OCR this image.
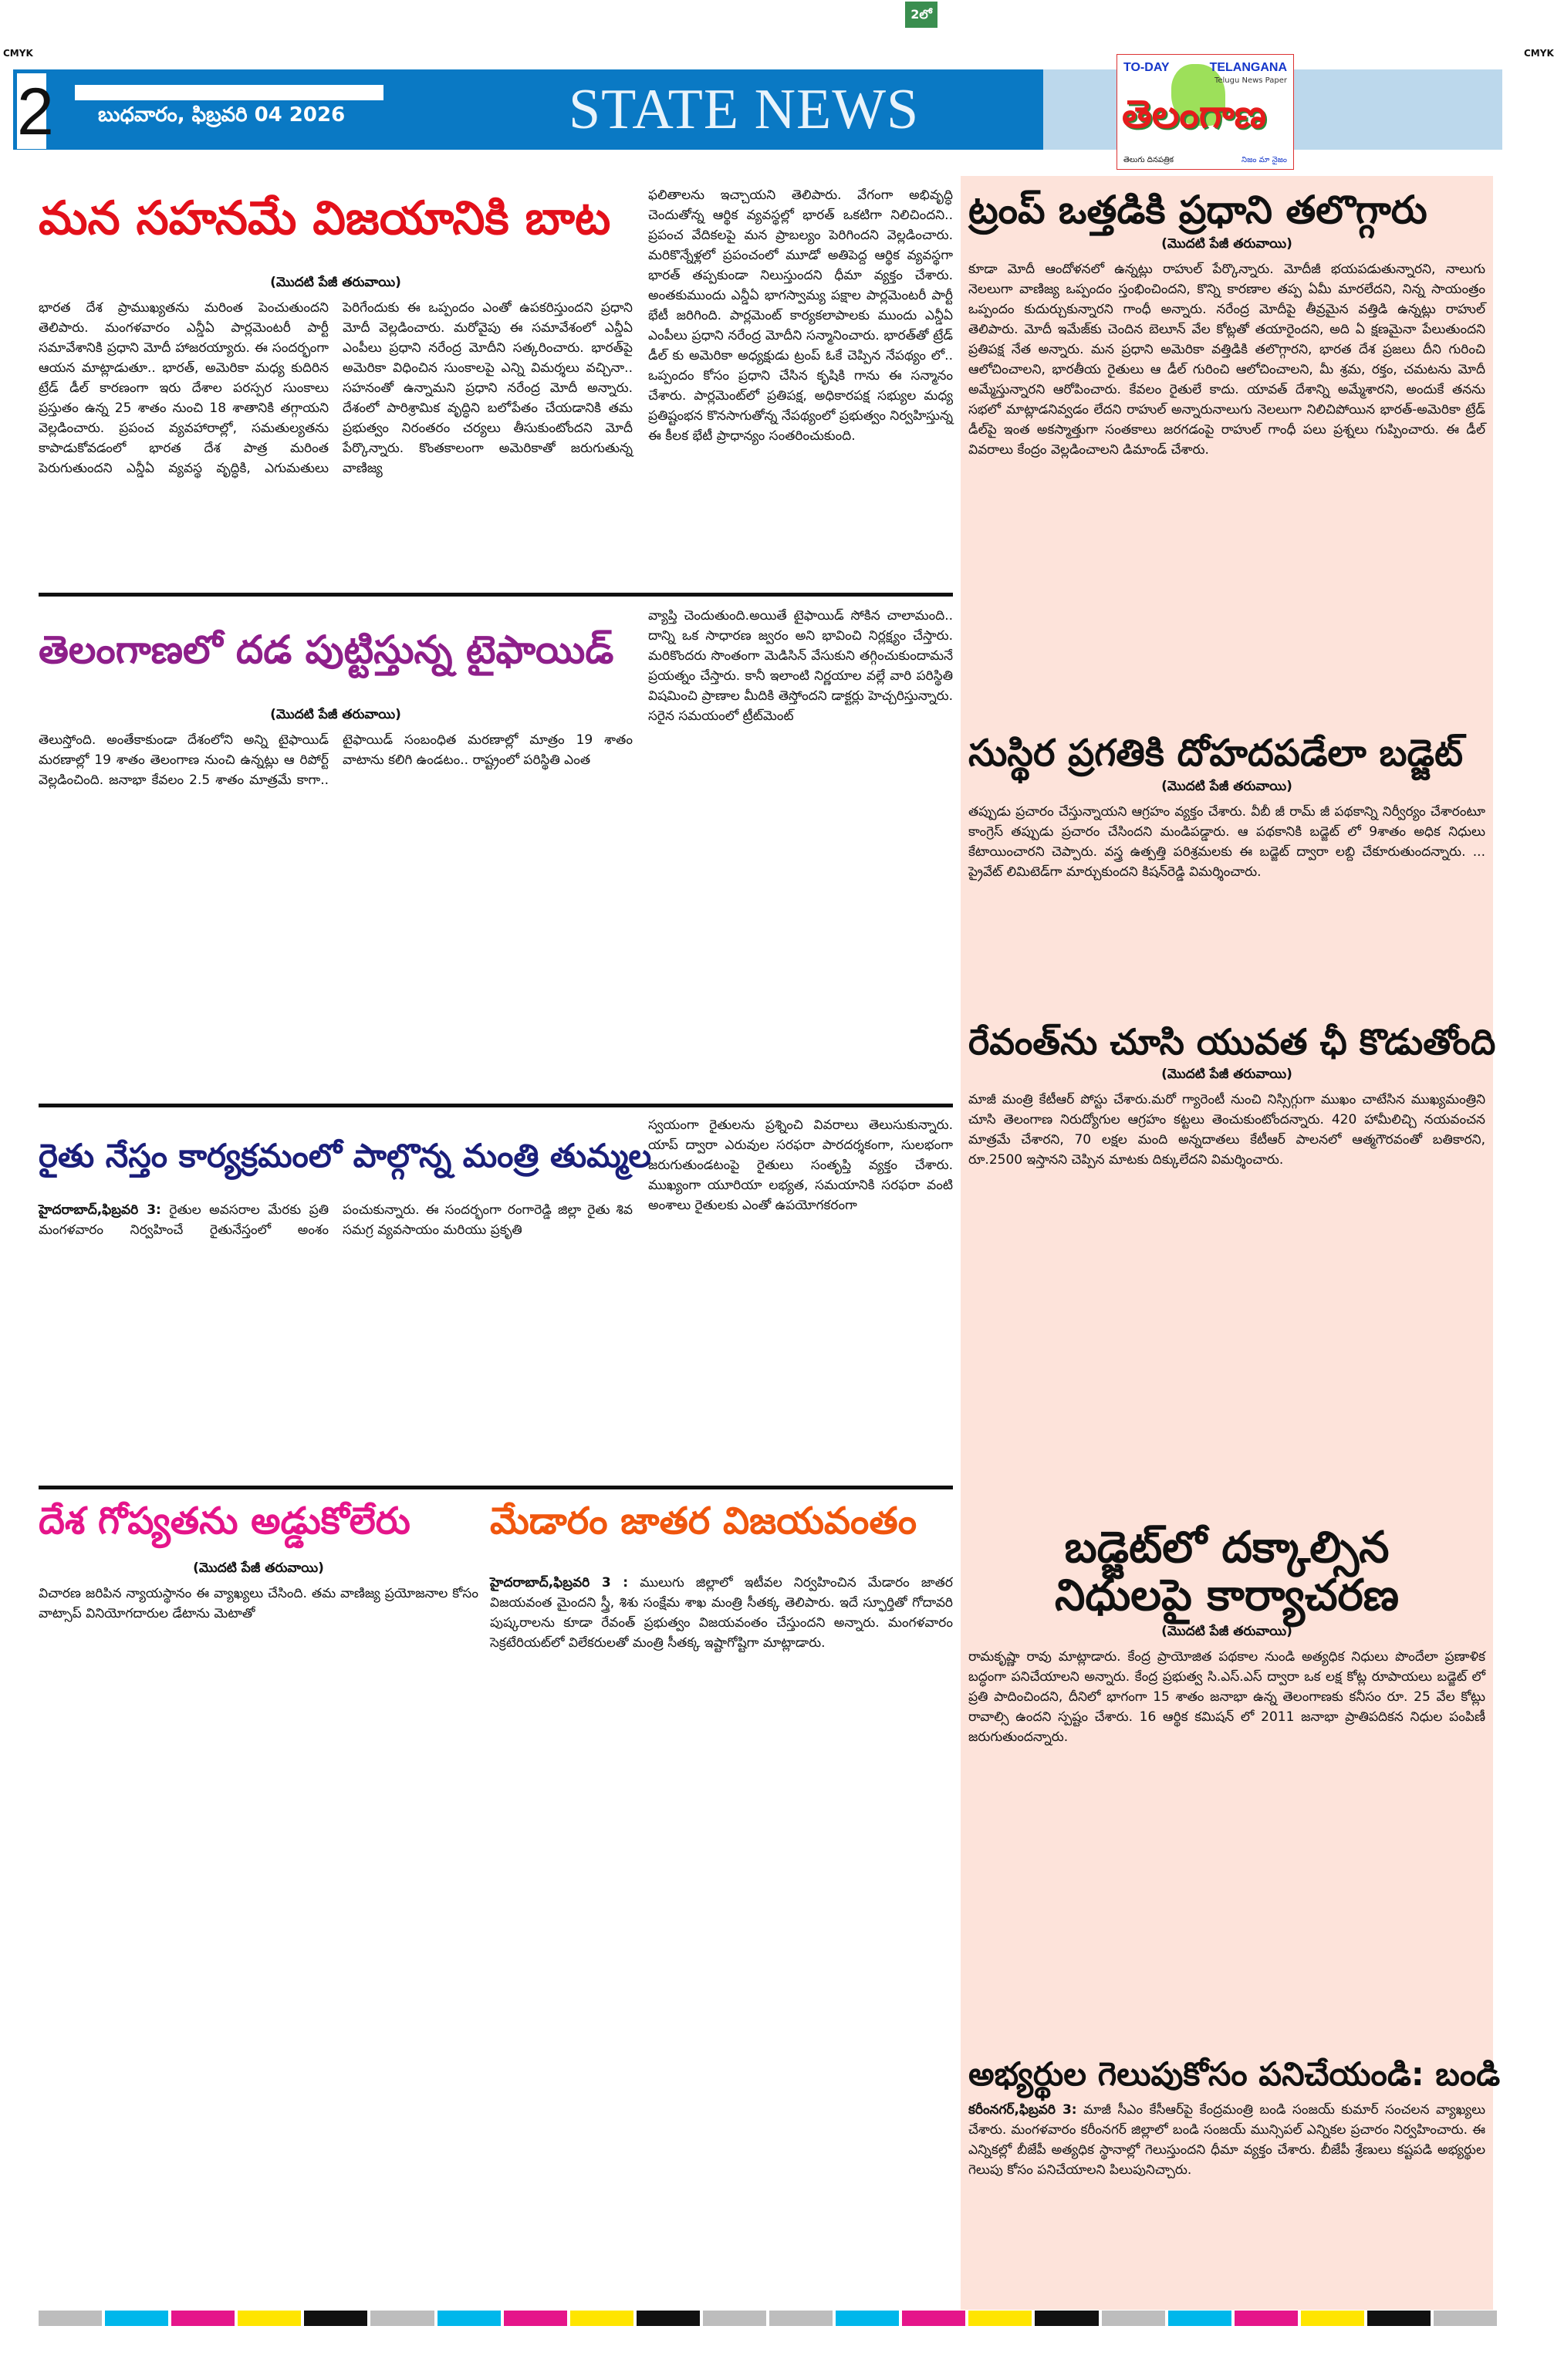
2లో
CMYK	CMYK
2 బుధవారం, ఫిబ్రవరి 04 2026	STATE NEWS
TO-DAY	TELANGANA
Telugu News Paper
తెలంగాణ
తెలుగు దినపత్రిక	నిజం మా నైజం
మన సహనమే విజయానికి బాట
(మొదటి పేజీ తరువాయి)
భారత దేశ ప్రాముఖ్యతను మరింత పెంచుతుందని తెలిపారు. మంగళవారం ఎన్డీఏ పార్లమెంటరీ పార్టీ సమావేశానికి ప్రధాని మోదీ హాజరయ్యారు. ఈ సందర్భంగా ఆయన మాట్లాడుతూ.. భారత్, అమెరికా మధ్య కుదిరిన ట్రేడ్ డీల్ కారణంగా ఇరు దేశాల పరస్పర సుంకాలు ప్రస్తుతం ఉన్న 25 శాతం నుంచి 18 శాతానికి తగ్గాయని వెల్లడించారు. ప్రపంచ వ్యవహారాల్లో, సమతుల్యతను కాపాడుకోవడంలో భారత దేశ పాత్ర మరింత పెరుగుతుందని ఎన్డీఏ వ్యవస్థ వృద్ధికి, ఎగుమతులు పెరిగేందుకు ఈ ఒప్పందం ఎంతో ఉపకరిస్తుందని ప్రధాని మోదీ వెల్లడించారు. మరోవైపు ఈ సమావేశంలో ఎన్డీఏ ఎంపీలు ప్రధాని నరేంద్ర మోదీని సత్కరించారు. భారత్‌పై అమెరికా విధించిన సుంకాలపై ఎన్ని విమర్శలు వచ్చినా.. సహనంతో ఉన్నామని ప్రధాని నరేంద్ర మోదీ అన్నారు. దేశంలో పారిశ్రామిక వృద్ధిని బలోపేతం చేయడానికి తమ ప్రభుత్వం నిరంతరం చర్యలు తీసుకుంటోందని మోదీ పేర్కొన్నారు. కొంతకాలంగా అమెరికాతో జరుగుతున్న వాణిజ్య
ఫలితాలను ఇచ్చాయని తెలిపారు. వేగంగా అభివృద్ధి చెందుతోన్న ఆర్థిక వ్యవస్థల్లో భారత్ ఒకటిగా నిలిచిందని.. ప్రపంచ వేదికలపై మన ప్రాబల్యం పెరిగిందని వెల్లడించారు. మరికొన్నేళ్లలో ప్రపంచంలో మూడో అతిపెద్ద ఆర్థిక వ్యవస్థగా భారత్ తప్పకుండా నిలుస్తుందని ధీమా వ్యక్తం చేశారు. అంతకుముందు ఎన్డీఏ భాగస్వామ్య పక్షాల పార్లమెంటరీ పార్టీ భేటీ జరిగింది. పార్లమెంట్ కార్యకలాపాలకు ముందు ఎన్డీఏ ఎంపీలు ప్రధాని నరేంద్ర మోదీని సన్మానించారు. భారత్‌తో ట్రేడ్ డీల్ కు అమెరికా అధ్యక్షుడు ట్రంప్ ఓకే చెప్పిన నేపథ్యం లో.. ఒప్పందం కోసం ప్రధాని చేసిన కృషికి గాను ఈ సన్మానం చేశారు. పార్లమెంట్‌లో ప్రతిపక్ష, అధికారపక్ష సభ్యుల మధ్య ప్రతిష్టంభన కొనసాగుతోన్న నేపథ్యంలో ప్రభుత్వం నిర్వహిస్తున్న ఈ కీలక భేటీ ప్రాధాన్యం సంతరించుకుంది.
తెలంగాణలో దడ పుట్టిస్తున్న టైఫాయిడ్
(మొదటి పేజీ తరువాయి)
తెలుస్తోంది. అంతేకాకుండా దేశంలోని అన్ని టైఫాయిడ్ మరణాల్లో 19 శాతం తెలంగాణ నుంచి ఉన్నట్లు ఆ రిపోర్ట్ వెల్లడించింది. జనాభా కేవలం 2.5 శాతం మాత్రమే కాగా.. టైఫాయిడ్ సంబంధిత మరణాల్లో మాత్రం 19 శాతం వాటాను కలిగి ఉండటం.. రాష్ట్రంలో పరిస్థితి ఎంత
వ్యాప్తి చెందుతుంది.అయితే టైఫాయిడ్ సోకిన చాలామంది.. దాన్ని ఒక సాధారణ జ్వరం అని భావించి నిర్లక్ష్యం చేస్తారు. మరికొందరు సొంతంగా మెడిసిన్ వేసుకుని తగ్గించుకుందామనే ప్రయత్నం చేస్తారు. కానీ ఇలాంటి నిర్ణయాల వల్లే వారి పరిస్థితి విషమించి ప్రాణాల మీదికి తెస్తోందని డాక్టర్లు హెచ్చరిస్తున్నారు. సరైన సమయంలో ట్రీట్‌మెంట్
రైతు నేస్తం కార్యక్రమంలో పాల్గొన్న మంత్రి తుమ్మల
హైదరాబాద్,ఫిబ్రవరి 3: రైతుల అవసరాల మేరకు ప్రతి మంగళవారం నిర్వహించే రైతునేస్తంలో అంశం పంచుకున్నారు. ఈ సందర్భంగా రంగారెడ్డి జిల్లా రైతు శివ సమగ్ర వ్యవసాయం మరియు ప్రకృతి
స్వయంగా రైతులను ప్రశ్నించి వివరాలు తెలుసుకున్నారు. యాప్ ద్వారా ఎరువుల సరఫరా పారదర్శకంగా, సులభంగా జరుగుతుండటంపై రైతులు సంతృప్తి వ్యక్తం చేశారు. ముఖ్యంగా యూరియా లభ్యత, సమయానికి సరఫరా వంటి అంశాలు రైతులకు ఎంతో ఉపయోగకరంగా
దేశ గోప్యతను అడ్డుకోలేరు
(మొదటి పేజీ తరువాయి)
విచారణ జరిపిన న్యాయస్థానం ఈ వ్యాఖ్యలు చేసింది. తమ వాణిజ్య ప్రయోజనాల కోసం వాట్సాప్ వినియోగదారుల డేటాను మెటాతో
మేడారం జాతర విజయవంతం
హైదరాబాద్,ఫిబ్రవరి 3 : ములుగు జిల్లాలో ఇటీవల నిర్వహించిన మేడారం జాతర విజయవంత మైందని స్త్రీ, శిశు సంక్షేమ శాఖ మంత్రి సీతక్క తెలిపారు. ఇదే స్ఫూర్తితో గోదావరి పుష్కరాలను కూడా రేవంత్ ప్రభుత్వం విజయవంతం చేస్తుందని అన్నారు. మంగళవారం సెక్రటేరియట్‌లో విలేకరులతో మంత్రి సీతక్క ఇష్టాగోష్టిగా మాట్లాడారు.
ట్రంప్ ఒత్తడికి ప్రధాని తలొగ్గారు
(మొదటి పేజీ తరువాయి)
కూడా మోదీ ఆందోళనలో ఉన్నట్లు రాహుల్ పేర్కొన్నారు. మోదీజీ భయపడుతున్నారని, నాలుగు నెలలుగా వాణిజ్య ఒప్పందం స్తంభించిందని, కొన్ని కారణాల తప్ప ఏమీ మారలేదని, నిన్న సాయంత్రం ఒప్పందం కుదుర్చుకున్నారని గాంధీ అన్నారు. నరేంద్ర మోదీపై తీవ్రమైన వత్తిడి ఉన్నట్లు రాహుల్ తెలిపారు. మోదీ ఇమేజ్‌కు చెందిన బెలూన్ వేల కోట్లతో తయారైందని, అది ఏ క్షణమైనా పేలుతుందని ప్రతిపక్ష నేత అన్నారు. మన ప్రధాని అమెరికా వత్తిడికి తలొగ్గారని, భారత దేశ ప్రజలు దీని గురించి ఆలోచించాలని, భారతీయ రైతులు ఆ డీల్ గురించి ఆలోచించాలని, మీ శ్రమ, రక్తం, చమటను మోదీ అమ్మేస్తున్నారని ఆరోపించారు. కేవలం రైతులే కాదు. యావత్ దేశాన్ని అమ్మేశారని, అందుకే తనను సభలో మాట్లాడనివ్వడం లేదని రాహుల్ అన్నారునాలుగు నెలలుగా నిలిచిపోయిన భారత్-అమెరికా ట్రేడ్ డీల్‌పై ఇంత అకస్మాత్తుగా సంతకాలు జరగడంపై రాహుల్ గాంధీ పలు ప్రశ్నలు గుప్పించారు. ఈ డీల్ వివరాలు కేంద్రం వెల్లడించాలని డిమాండ్ చేశారు.
సుస్థిర ప్రగతికి దోహదపడేలా బడ్జెట్
(మొదటి పేజీ తరువాయి)
తప్పుడు ప్రచారం చేస్తున్నాయని ఆగ్రహం వ్యక్తం చేశారు. వీబీ జీ రామ్ జీ పథకాన్ని నిర్వీర్యం చేశారంటూ కాంగ్రెస్ తప్పుడు ప్రచారం చేసిందని మండిపడ్డారు. ఆ పథకానికి బడ్జెట్ లో 9శాతం అధిక నిధులు కేటాయించారని చెప్పారు. వస్త్ర ఉత్పత్తి పరిశ్రమలకు ఈ బడ్జెట్ ద్వారా లబ్ది చేకూరుతుందన్నారు. ... ప్రైవేట్ లిమిటెడ్‌గా మార్చుకుందని కిషన్‌రెడ్డి విమర్శించారు.
రేవంత్‌ను చూసి యువత ఛీ కొడుతోంది
(మొదటి పేజీ తరువాయి)
మాజీ మంత్రి కేటీఆర్ పోస్టు చేశారు.మరో గ్యారెంటీ నుంచి నిస్సిగ్గుగా ముఖం చాటేసిన ముఖ్యమంత్రిని చూసి తెలంగాణ నిరుద్యోగుల ఆగ్రహం కట్టలు తెంచుకుంటోందన్నారు. 420 హామీలిచ్చి నయవంచన మాత్రమే చేశారని, 70 లక్షల మంది అన్నదాతలు కేటీఆర్ పాలనలో ఆత్మగౌరవంతో బతికారని, రూ.2500 ఇస్తానని చెప్పిన మాటకు దిక్కులేదని విమర్శించారు.
బడ్జెట్‌లో దక్కాల్సిన
నిధులపై కార్యాచరణ
(మొదటి పేజీ తరువాయి)
రామకృష్ణా రావు మాట్లాడారు. కేంద్ర ప్రాయోజిత పథకాల నుండి అత్యధిక నిధులు పొందేలా ప్రణాళిక బద్ధంగా పనిచేయాలని అన్నారు. కేంద్ర ప్రభుత్వ సి.ఎస్.ఎస్ ద్వారా ఒక లక్ష కోట్ల రూపాయలు బడ్జెట్ లో ప్రతి పాదించిందని, దీనిలో భాగంగా 15 శాతం జనాభా ఉన్న తెలంగాణకు కనీసం రూ. 25 వేల కోట్లు రావాల్సి ఉందని స్పష్టం చేశారు. 16 ఆర్థిక కమిషన్ లో 2011 జనాభా ప్రాతిపదికన నిధుల పంపిణీ జరుగుతుందన్నారు.
అభ్యర్థుల గెలుపుకోసం పనిచేయండి: బండి
కరీంనగర్,ఫిబ్రవరి 3: మాజీ సీఎం కేసీఆర్‌పై కేంద్రమంత్రి బండి సంజయ్ కుమార్ సంచలన వ్యాఖ్యలు చేశారు. మంగళవారం కరీంనగర్ జిల్లాలో బండి సంజయ్ మున్సిపల్ ఎన్నికల ప్రచారం నిర్వహించారు. ఈ ఎన్నికల్లో బీజేపీ అత్యధిక స్థానాల్లో గెలుస్తుందని ధీమా వ్యక్తం చేశారు. బీజేపీ శ్రేణులు కష్టపడి అభ్యర్థుల గెలుపు కోసం పనిచేయాలని పిలుపునిచ్చారు.
